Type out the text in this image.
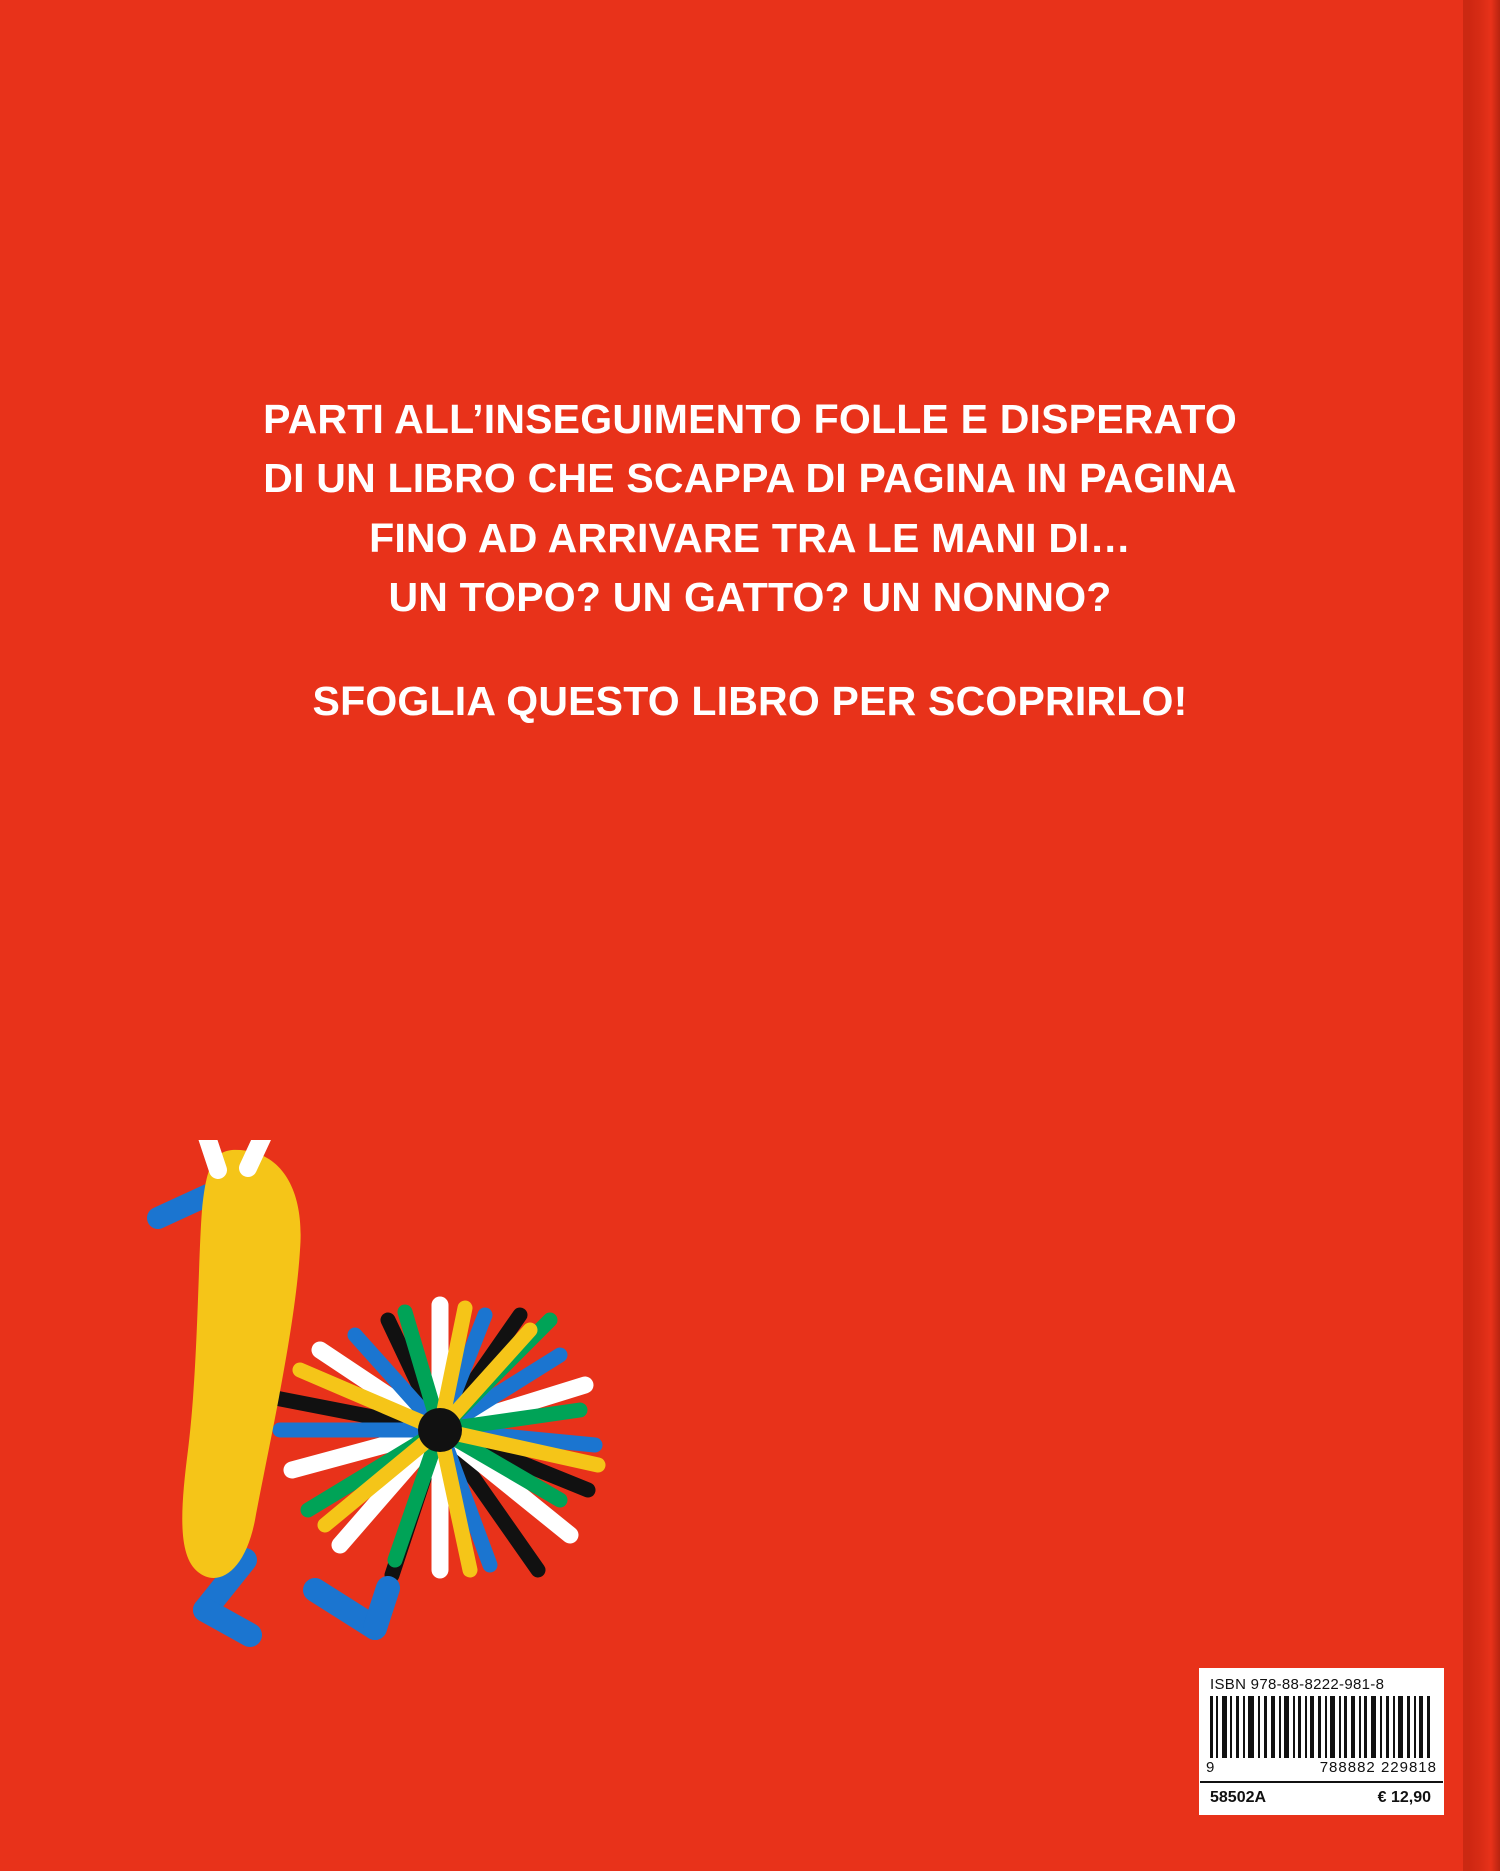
PARTI ALL’INSEGUIMENTO FOLLE E DISPERATO
DI UN LIBRO CHE SCAPPA DI PAGINA IN PAGINA
FINO AD ARRIVARE TRA LE MANI DI…
UN TOPO? UN GATTO? UN NONNO?
SFOGLIA QUESTO LIBRO PER SCOPRIRLO!
ISBN 978-88-8222-981-8
9	788882 229818
58502A	€ 12,90
